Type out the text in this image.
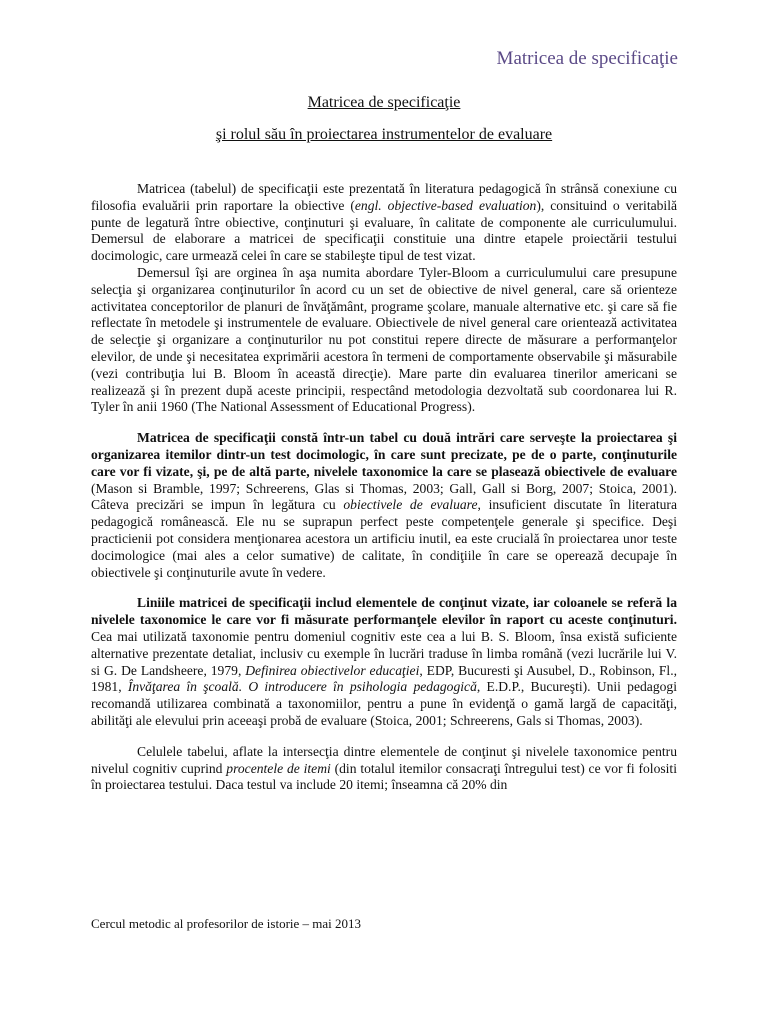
Matricea de specificaţie
Matricea de specificaţie
şi rolul său în proiectarea instrumentelor de evaluare

Matricea (tabelul) de specificaţii este prezentată în literatura pedagogică în strânsă conexiune cu filosofia evaluării prin raportare la obiective (engl. objective-based evaluation), consituind o veritabilă punte de legatură între obiective, conţinuturi şi evaluare, în calitate de componente ale curriculumului. Demersul de elaborare a matricei de specificaţii constituie una dintre etapele proiectării testului docimologic, care urmează celei în care se stabileşte tipul de test vizat.

Demersul îşi are orginea în aşa numita abordare Tyler-Bloom a curriculumului care presupune selecţia şi organizarea conţinuturilor în acord cu un set de obiective de nivel general, care să orienteze activitatea conceptorilor de planuri de învăţământ, programe şcolare, manuale alternative etc. şi care să fie reflectate în metodele şi instrumentele de evaluare. Obiectivele de nivel general care orientează activitatea de selecţie şi organizare a conţinuturilor nu pot constitui repere directe de măsurare a performanţelor elevilor, de unde şi necesitatea exprimării acestora în termeni de comportamente observabile şi măsurabile (vezi contribuţia lui B. Bloom în această direcţie). Mare parte din evaluarea tinerilor americani se realizează şi în prezent după aceste principii, respectând metodologia dezvoltată sub coordonarea lui R. Tyler în anii 1960 (The National Assessment of Educational Progress).

Matricea de specificaţii constă într-un tabel cu două intrări care serveşte la proiectarea şi organizarea itemilor dintr-un test docimologic, în care sunt precizate, pe de o parte, conţinuturile care vor fi vizate, şi, pe de altă parte, nivelele taxonomice la care se plasează obiectivele de evaluare (Mason si Bramble, 1997; Schreerens, Glas si Thomas, 2003; Gall, Gall si Borg, 2007; Stoica, 2001). Câteva precizări se impun în legătura cu obiectivele de evaluare, insuficient discutate în literatura pedagogică românească. Ele nu se suprapun perfect peste competenţele generale şi specifice. Deşi practicienii pot considera menţionarea acestora un artificiu inutil, ea este crucială în proiectarea unor teste docimologice (mai ales a celor sumative) de calitate, în condiţiile în care se operează decupaje în obiectivele şi conţinuturile avute în vedere.

Liniile matricei de specificaţii includ elementele de conţinut vizate, iar coloanele se referă la nivelele taxonomice le care vor fi măsurate performanţele elevilor în raport cu aceste conţinuturi. Cea mai utilizată taxonomie pentru domeniul cognitiv este cea a lui B. S. Bloom, însa există suficiente alternative prezentate detaliat, inclusiv cu exemple în lucrări traduse în limba română (vezi lucrările lui V. si G. De Landsheere, 1979, Definirea obiectivelor educaţiei, EDP, Bucuresti şi Ausubel, D., Robinson, Fl., 1981, Învăţarea în şcoală. O introducere în psihologia pedagogică, E.D.P., Bucureşti). Unii pedagogi recomandă utilizarea combinată a taxonomiilor, pentru a pune în evidenţă o gamă largă de capacităţi, abilităţi ale elevului prin aceeaşi probă de evaluare (Stoica, 2001; Schreerens, Gals si Thomas, 2003).

Celulele tabelui, aflate la intersecţia dintre elementele de conţinut şi nivelele taxonomice pentru nivelul cognitiv cuprind procentele de itemi (din totalul itemilor consacraţi întregului test) ce vor fi folositi în proiectarea testului. Daca testul va include 20 itemi; înseamna că 20% din

Cercul metodic al profesorilor de istorie – mai 2013
